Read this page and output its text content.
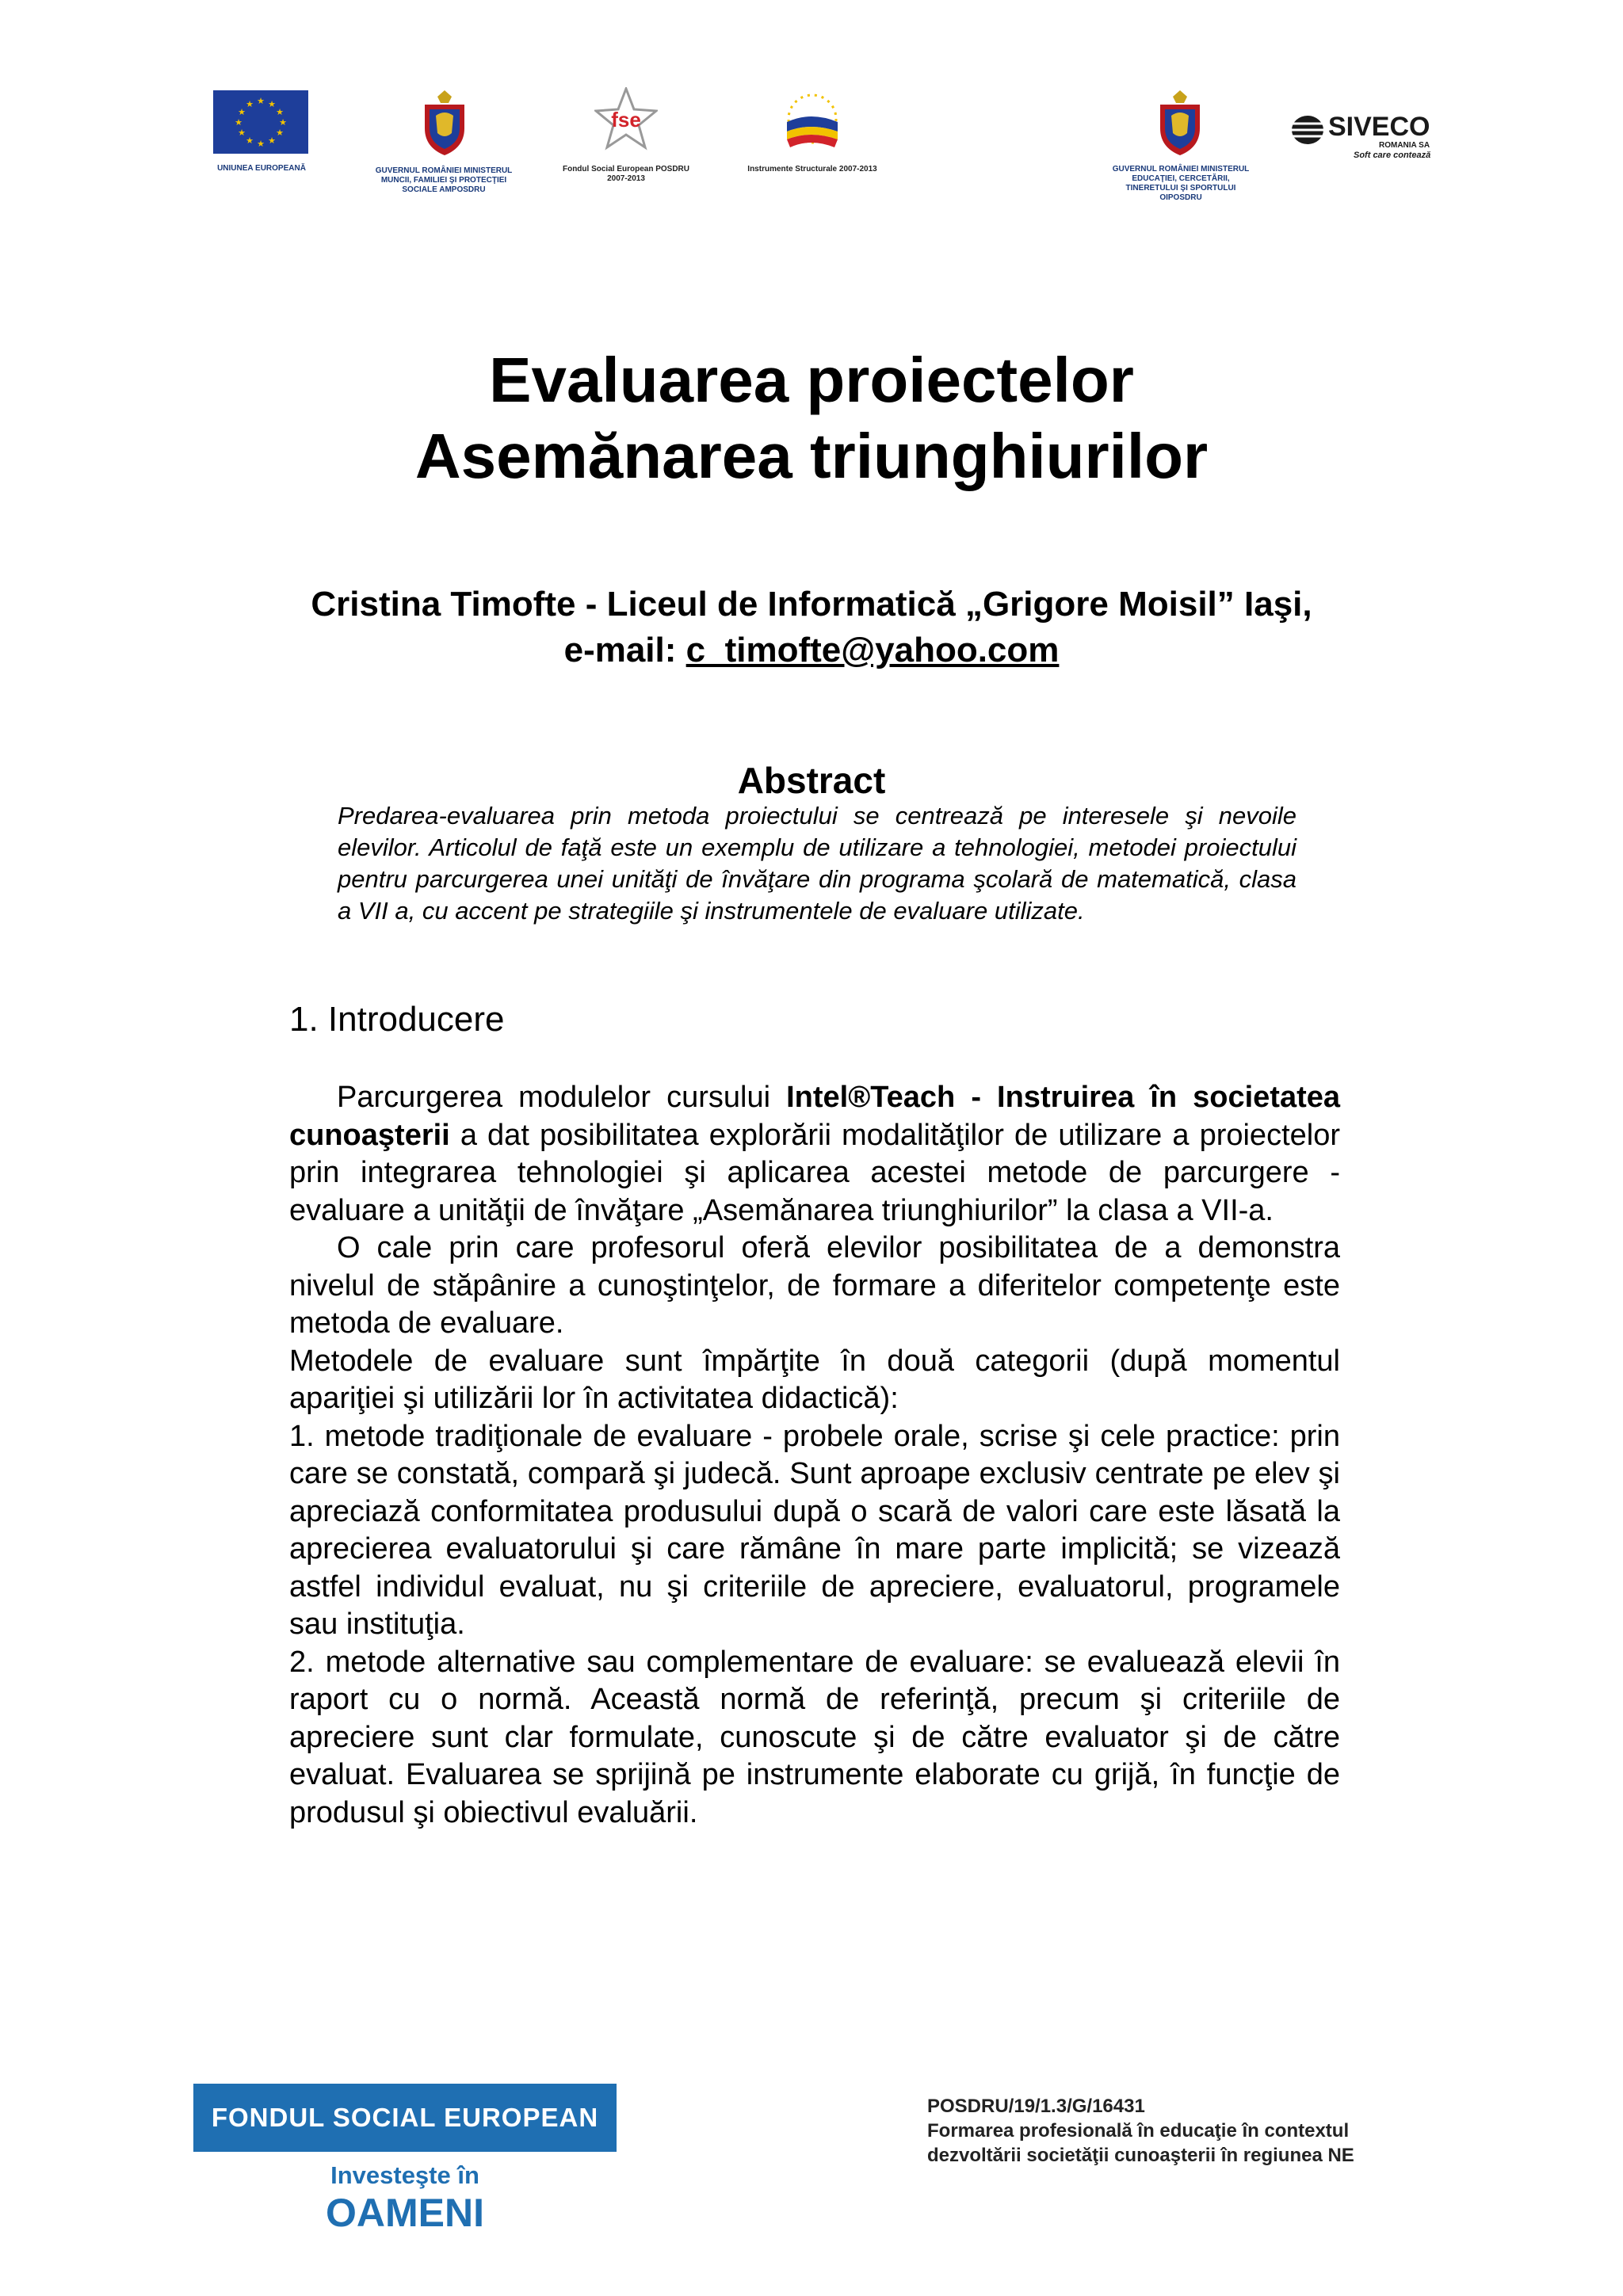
★ ★
★
★
★
★
★
★
★
★
★
★
UNIUNEA EUROPEANĂ	GUVERNUL ROMÂNIEI MINISTERUL MUNCII, FAMILIEI ŞI PROTECŢIEI SOCIALE AMPOSDRU
fse
Fondul Social European POSDRU 2007-2013
Instrumente Structurale 2007-2013	GUVERNUL ROMÂNIEI MINISTERUL EDUCAŢIEI, CERCETĂRII, TINERETULUI ŞI SPORTULUI OIPOSDRU
SIVECO
ROMANIA SA
Soft care contează
Evaluarea proiectelor
Asemănarea triunghiurilor
Cristina Timofte - Liceul de Informatică „Grigore Moisil” Iaşi,
e-mail: c_timofte@yahoo.com
Abstract
Predarea-evaluarea prin metoda proiectului se centrează pe interesele şi nevoile elevilor. Articolul de faţă este un exemplu de utilizare a tehnologiei, metodei proiectului pentru parcurgerea unei unităţi de învăţare din programa şcolară de matematică, clasa a VII a, cu accent pe strategiile şi instrumentele de evaluare utilizate.
1. Introducere

Parcurgerea modulelor cursului Intel®Teach - Instruirea în societatea cunoaşterii a dat posibilitatea explorării modalităţilor de utilizare a proiectelor prin integrarea tehnologiei şi aplicarea acestei metode de parcurgere - evaluare a unităţii de învăţare „Asemănarea triunghiurilor” la clasa a VII-a.

O cale prin care profesorul oferă elevilor posibilitatea de a demonstra nivelul de stăpânire a cunoştinţelor, de formare a diferitelor competenţe este metoda de evaluare.

Metodele de evaluare sunt împărţite în două categorii (după momentul apariţiei şi utilizării lor în activitatea didactică):

1. metode tradiţionale de evaluare - probele orale, scrise şi cele practice: prin care se constată, compară şi judecă. Sunt aproape exclusiv centrate pe elev şi apreciază conformitatea produsului după o scară de valori care este lăsată la aprecierea evaluatorului şi care rămâne în mare parte implicită; se vizează astfel individul evaluat, nu şi criteriile de apreciere, evaluatorul, programele sau instituţia.

2. metode alternative sau complementare de evaluare: se evaluează elevii în raport cu o normă. Această normă de referinţă, precum şi criteriile de apreciere sunt clar formulate, cunoscute şi de către evaluator şi de către evaluat. Evaluarea se sprijină pe instrumente elaborate cu grijă, în funcţie de produsul şi obiectivul evaluării.

FONDUL SOCIAL EUROPEAN
Investeşte în
OAMENI
POSDRU/19/1.3/G/16431
Formarea profesională în educaţie în contextul
dezvoltării societăţii cunoaşterii în regiunea NE
